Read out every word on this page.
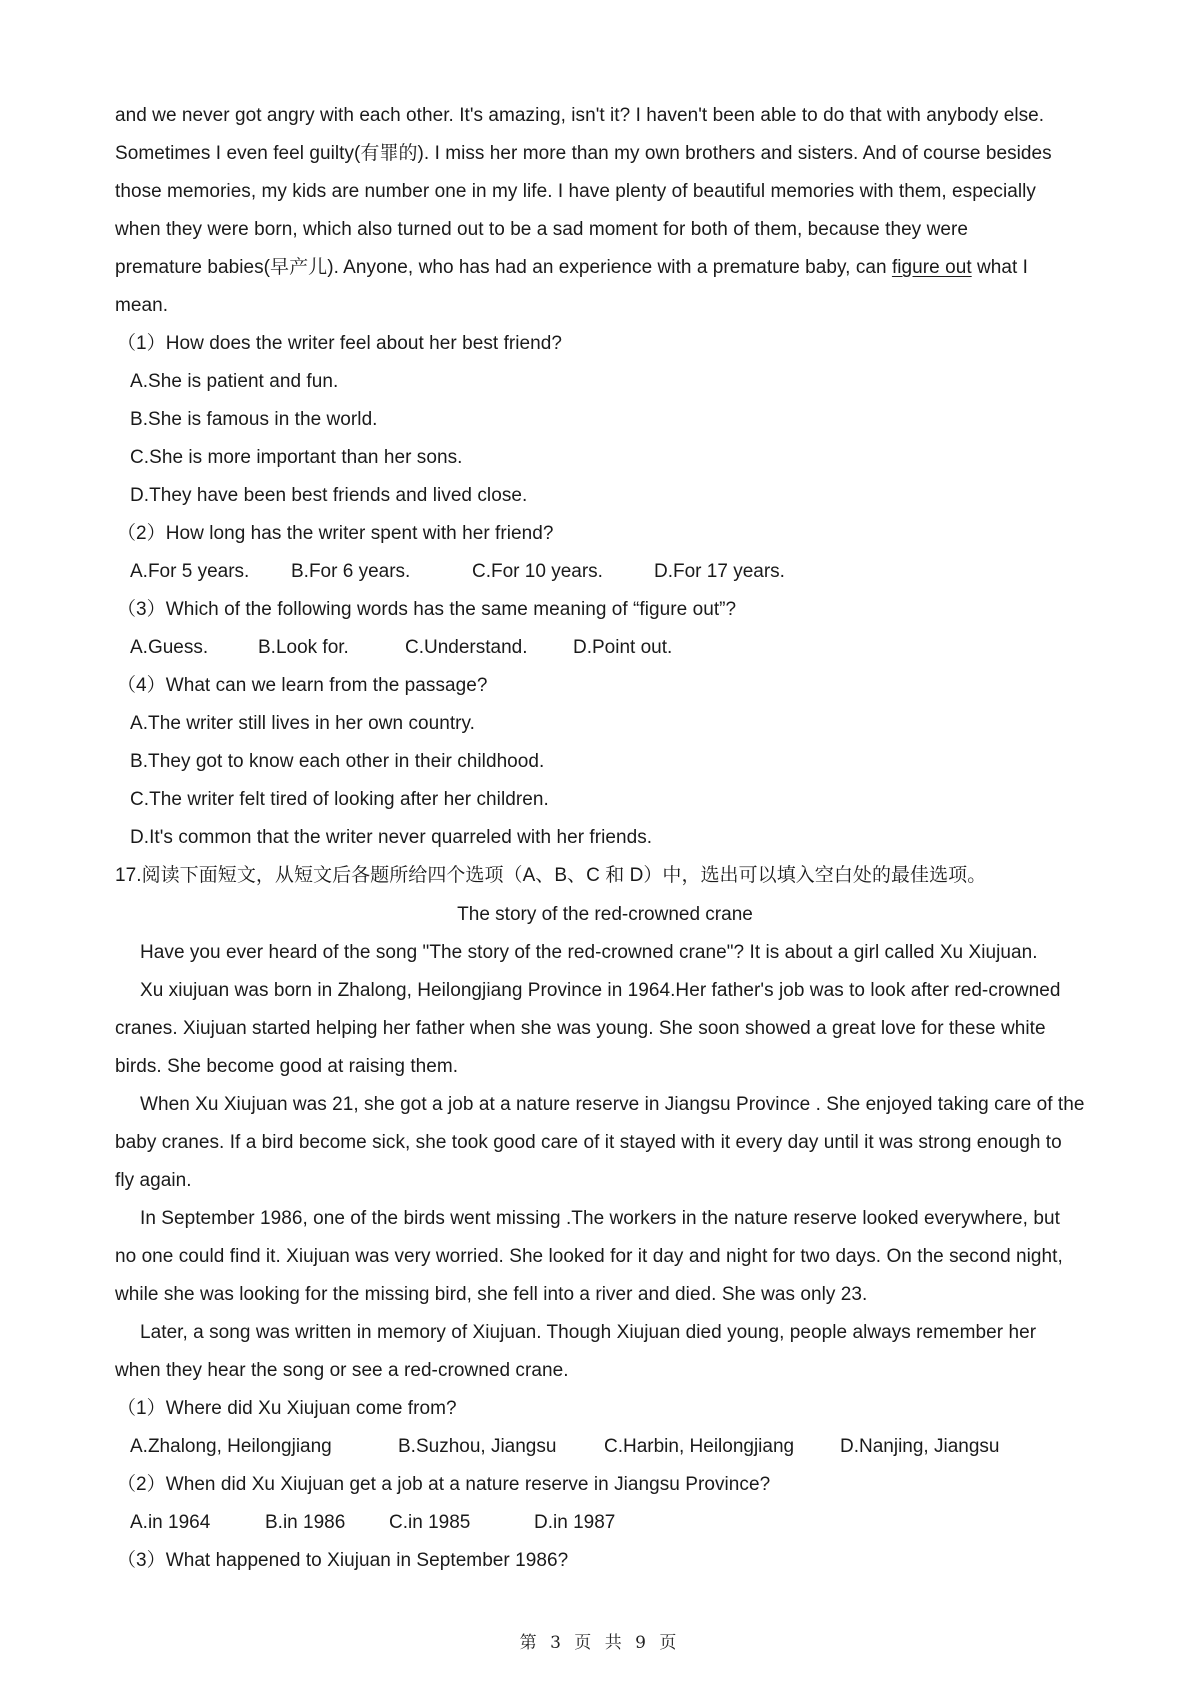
and we never got angry with each other. It's amazing, isn't it? I haven't been able to do that with anybody else.
Sometimes I even feel guilty(有罪的). I miss her more than my own brothers and sisters. And of course besides
those memories, my kids are number one in my life. I have plenty of beautiful memories with them, especially
when they were born, which also turned out to be a sad moment for both of them, because they were
premature babies(早产儿). Anyone, who has had an experience with a premature baby, can figure out what I
mean.
（1）How does the writer feel about her best friend?
A.She is patient and fun.
B.She is famous in the world.
C.She is more important than her sons.
D.They have been best friends and lived close.
（2）How long has the writer spent with her friend?
A.For 5 years. B.For 6 years.	C.For 10 years.	D.For 17 years.
（3）Which of the following words has the same meaning of “figure out”?
A.Guess.	B.Look for.	C.Understand. D.Point out.
（4）What can we learn from the passage?
A.The writer still lives in her own country.
B.They got to know each other in their childhood.
C.The writer felt tired of looking after her children.
D.It's common that the writer never quarreled with her friends.
17.阅读下面短文，从短文后各题所给四个选项（A、B、C 和 D）中，选出可以填入空白处的最佳选项。
The story of the red-crowned crane
Have you ever heard of the song "The story of the red-crowned crane"? It is about a girl called Xu Xiujuan.
Xu xiujuan was born in Zhalong, Heilongjiang Province in 1964.Her father's job was to look after red-crowned
cranes. Xiujuan started helping her father when she was young. She soon showed a great love for these white
birds. She become good at raising them.
When Xu Xiujuan was 21, she got a job at a nature reserve in Jiangsu Province . She enjoyed taking care of the
baby cranes. If a bird become sick, she took good care of it stayed with it every day until it was strong enough to
fly again.
In September 1986, one of the birds went missing .The workers in the nature reserve looked everywhere, but
no one could find it. Xiujuan was very worried. She looked for it day and night for two days. On the second night,
while she was looking for the missing bird, she fell into a river and died. She was only 23.
Later, a song was written in memory of Xiujuan. Though Xiujuan died young, people always remember her
when they hear the song or see a red-crowned crane.
（1）Where did Xu Xiujuan come from?
A.Zhalong, Heilongjiang	B.Suzhou, Jiangsu	C.Harbin, Heilongjiang D.Nanjing, Jiangsu
（2）When did Xu Xiujuan get a job at a nature reserve in Jiangsu Province?
A.in 1964	B.in 1986 C.in 1985	D.in 1987
（3）What happened to Xiujuan in September 1986?
第 3 页 共 9 页
